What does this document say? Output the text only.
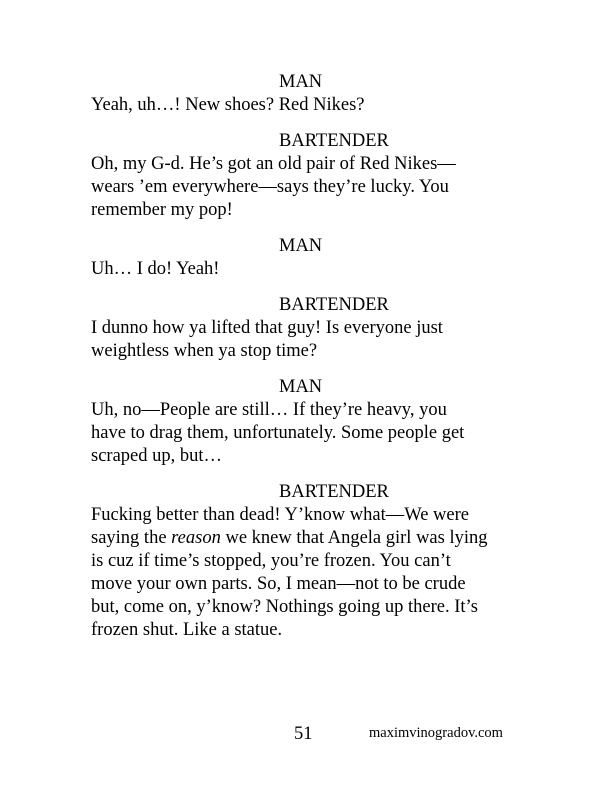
MAN
Yeah, uh…! New shoes? Red Nikes?
BARTENDER
Oh, my G-d. He’s got an old pair of Red Nikes—
wears ’em everywhere—says they’re lucky. You
remember my pop!
MAN
Uh… I do! Yeah!
BARTENDER
I dunno how ya lifted that guy! Is everyone just
weightless when ya stop time?
MAN
Uh, no—People are still… If they’re heavy, you
have to drag them, unfortunately. Some people get
scraped up, but…
BARTENDER
Fucking better than dead! Y’know what—We were
saying the reason we knew that Angela girl was lying
is cuz if time’s stopped, you’re frozen. You can’t
move your own parts. So, I mean—not to be crude
but, come on, y’know? Nothings going up there. It’s
frozen shut. Like a statue.
51	maximvinogradov.com
